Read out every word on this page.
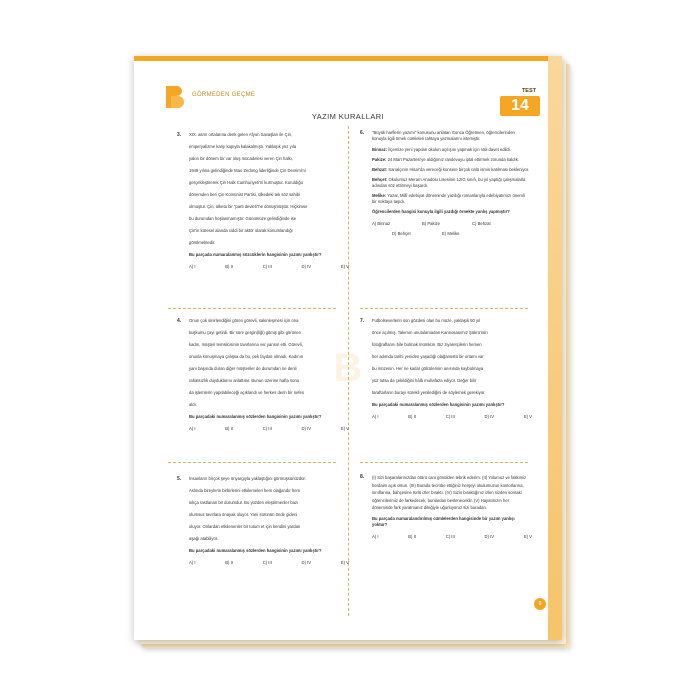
GÖRMEDEN GEÇME
TEST
14
YAZIM KURALLARI
B
3. XIX. asrın ortalarına denk gelen Afyon Savaşları ile Çin,

emperyalizme karşı kapıyla kalakalmıştı. Yaklaşık yüz yıla

yakın bir dönem bir var oluş mücadelesi veren Çin halkı,

1949 yılına gelindiğinde Mao Zedong liderliğinde Çin Devrimi'ni

gerçekleştirerek Çin Halk Cumhuriyeti'ni kurmuştur. Kuruldığu

dönemden beri Çin Komünist Partisi, ülkedeki tek söz sahibi

olmuştur. Çin, ülketa bir "parti devleti"ne dönüşmüştür. Hiçkimse

bu durumdan hoşlanmamıştır. Günümüze gelindiğinde ise

Çin'in küresel alanda ciddi bir aktör olarak konumlandığı

görülmektedir.

Bu parçada numaralanmış sözcüklerin hangisinin yazımı yanlıştır?
A) I	B) II	C) III	D) IV	E) V
4. Onun çok sinirlendiğini gören görevli, sakinleşmesi için ona

kuşkumu çayı getirdi. Bir süre gergin(liği) gitmiş gibi görünen

kadın, müşteri temsilcisinin tavırlarına ver yansın etti. Görevli,

onunla konuşmaya çalışsa da bu, pek faydalı olmadı. Kadının

yanı başında duran diğer müşteriler de durumdan ne denli

rahatsızlık duyduklarını anlattılar. Bunun üzerine hafta sonu

da işlemlerin yapılabileceği açıklandı ve herkes derin bir nefes

aldı.

Bu parçadaki numaralanmış sözlerden hangisinin yazımı yanlıştır?
A) I	B) II	C) III	D) IV	E) V
5. İnsanların birçok şeye önyargıyla yaklaştığını görmüşsünüzdür.

Aslında bireylerin birbirlerini etkilemeleri hem olağandır hem

sıkça rastlanan bir durumdur. Bu yüzden eleştirmenler bazı

olumsuz tavırlara önayak oluyor. Yani sürünün önde gideni

oluyor. Onlardan etkilenenler bir tutum et için kendini yardan

aşağı atabiliyor.

Bu parçadaki numaralanmış sözlerden hangisinin yazımı yanlıştır?
A) I	B) II	C) III	D) IV	E) V
6. "Büyük harflerin yazımı" konusunu anlatan Gonca Öğretmen, öğrencilerinden konuyla ilgili örnek cümleleri tahtaya yazmalarını istemiştir.

Binnaz: İlçemize yeni yapılan okulun açılışını yapmak için Vali davet edildi.

Pakize: 24 Mart Pazartesi'ye aldığımız randevuyu iptal ettirmek zorunda kaldık.

Behzat: Sarıalçının Hisar'da vereceği konsere birçok ünlü ismin katılması bekleniyor.

Behçet: Okulumuz Meram Anadolu Lisesinin 12/G sınıfı, bu yıl yaptığı çalışmalarla adından söz ettirmeyi başardı.

Melike: Yazar, Millî edebiyat döneminde yazdığı romanlarıyla edebiyatımızı önemli bir noktaya taşıdı.

Öğrencilerden hangisi konuyla ilgili yazdığı örnekte yanlış yapmıştır?
A) Binnaz	B) Pakize	C) Behzat
D) Behçet	E) Melike
7. Futbolseverlerin son gözdesi olan bu müze, yaklaşık 50 yıl

önce açılmış. Takımın unutulamadan Kannosasımız Şükrü'nün

fotoğraflarını bile bulmak mümkün. Biz ziyaretçilerin hemen

her adımda tarihi yeniden yaşadığı olağanüstü bir ortamı var

bu müzenin. Her ne kadar gölcülerinin anısında kaybolmaya

yüz tutsa da çekildiğini hâlâ muhafaza ediyor. Değer bilir

taraftarların burayı sürekli yenilediğini de söylemek gerekiyor.

Bu parçadaki numaralanmış sözlerden hangisinin yazımı yanlıştır?
A) I	B) II	C) III	D) IV	E) V
8. (I) Sizi başaralarınızdan ötürü canı gönülden tebrik ederim. (II) Yolumuz ve fakkimiz herdaim açık olsun. (III) Burada tecrübe ettiğiniz herşeyi okulumuzun kontorlarına, sınıflarına, bahçesine türlü izler bıraktı. (IV) Sizin bıraktığınız izlen sizden sonraki öğrencilerimiz de farkedecek, bunlardan besleneceklir. (V) Hayatınızın her döneminde fark yaratmanız dileğiyle uğurluyoruz sizi buradan.

Bu parçada numaralandırılmış cümlelerden hangisinde bir yazım yanlışı yoktur?
A) I	B) II	C) III	D) IV	E) V
9
